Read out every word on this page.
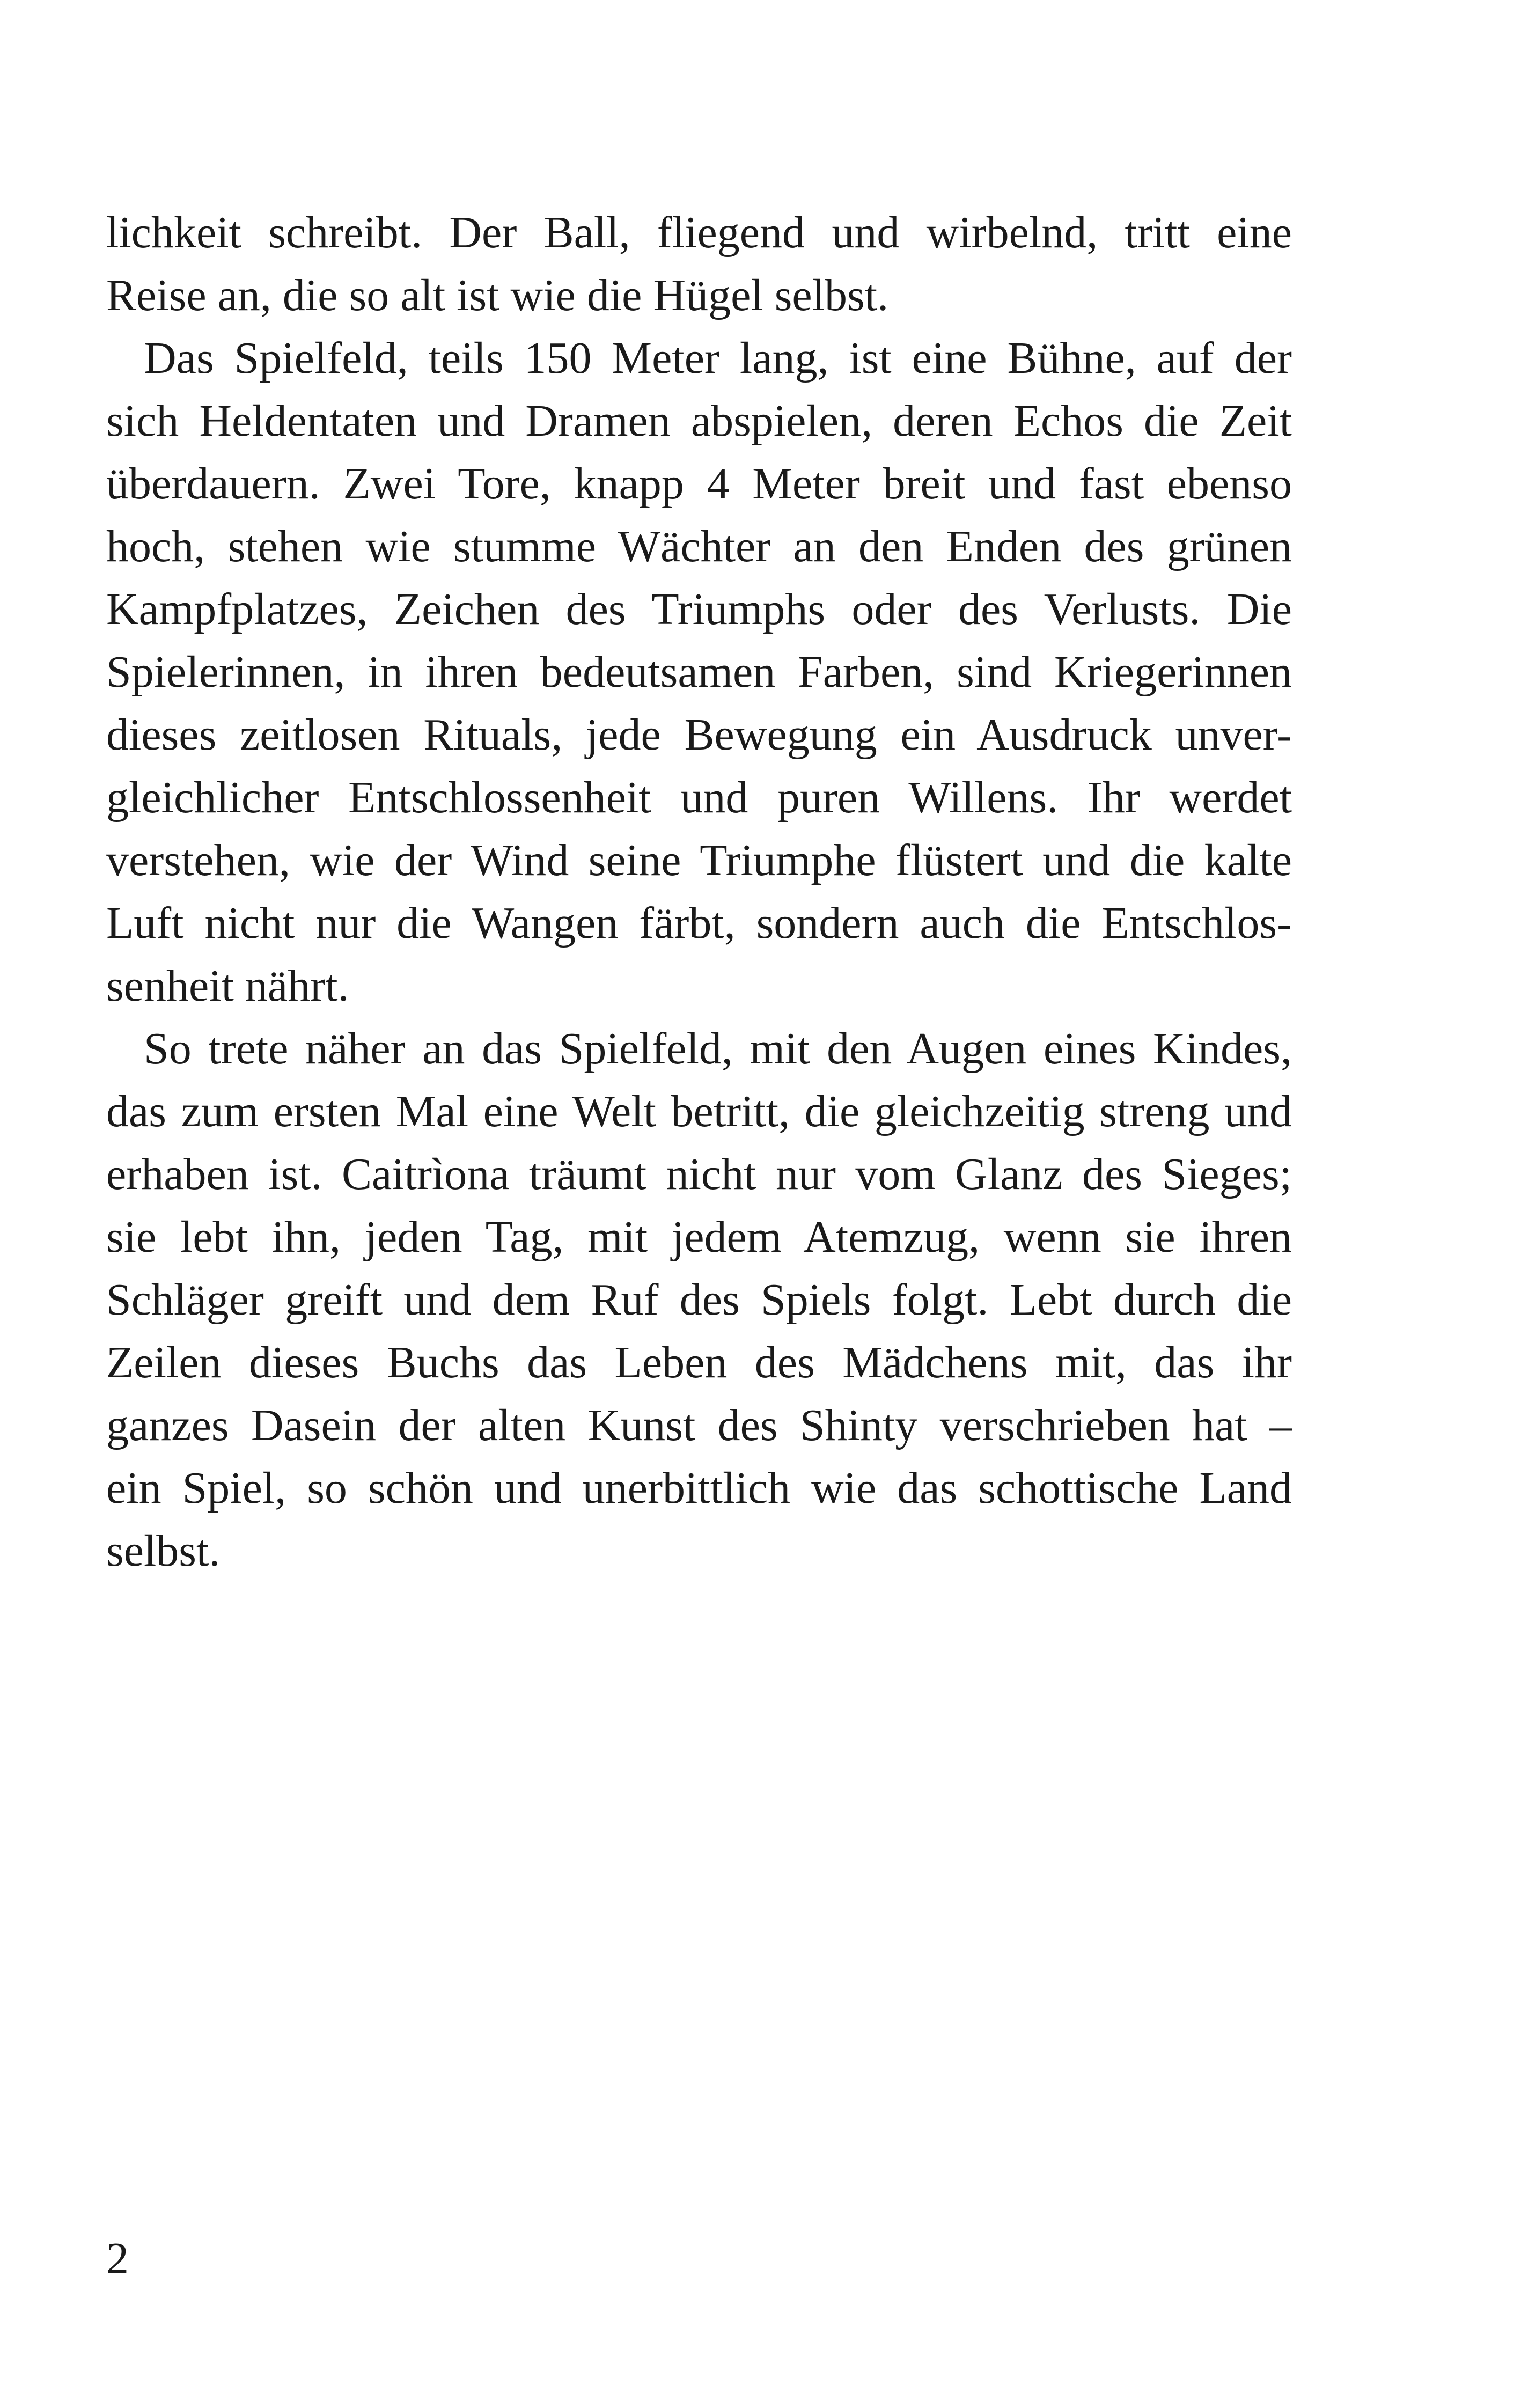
lichkeit schreibt. Der Ball, fliegend und wirbelnd, tritt eine
Reise an, die so alt ist wie die Hügel selbst.
Das Spielfeld, teils 150 Meter lang, ist eine Bühne, auf der
sich Heldentaten und Dramen abspielen, deren Echos die Zeit
überdauern. Zwei Tore, knapp 4 Meter breit und fast ebenso
hoch, stehen wie stumme Wächter an den Enden des grünen
Kampfplatzes, Zeichen des Triumphs oder des Verlusts. Die
Spielerinnen, in ihren bedeutsamen Farben, sind Kriegerinnen
dieses zeitlosen Rituals, jede Bewegung ein Ausdruck unver-
gleichlicher Entschlossenheit und puren Willens. Ihr werdet
verstehen, wie der Wind seine Triumphe flüstert und die kalte
Luft nicht nur die Wangen färbt, sondern auch die Entschlos-
senheit nährt.
So trete näher an das Spielfeld, mit den Augen eines Kindes,
das zum ersten Mal eine Welt betritt, die gleichzeitig streng und
erhaben ist. Caitrìona träumt nicht nur vom Glanz des Sieges;
sie lebt ihn, jeden Tag, mit jedem Atemzug, wenn sie ihren
Schläger greift und dem Ruf des Spiels folgt. Lebt durch die
Zeilen dieses Buchs das Leben des Mädchens mit, das ihr
ganzes Dasein der alten Kunst des Shinty verschrieben hat –
ein Spiel, so schön und unerbittlich wie das schottische Land
selbst.
2
